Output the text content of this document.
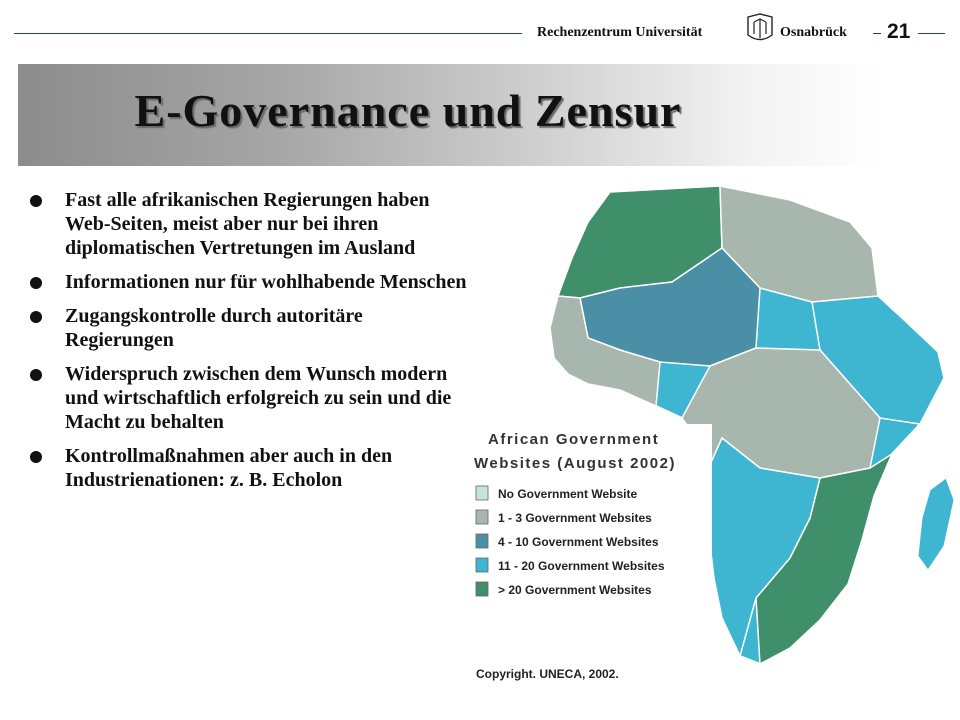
Rechenzentrum Universität	Osnabrück 21
E-Governance und Zensur
Fast alle afrikanischen Regierungen haben Web-Seiten, meist aber nur bei ihren diplomatischen Vertretungen im Ausland
Informationen nur für wohlhabende Menschen
Zugangskontrolle durch autoritäre Regierungen
Widerspruch zwischen dem Wunsch modern und wirtschaftlich erfolgreich zu sein und die Macht zu behalten
Kontrollmaßnahmen aber auch in den Industrienationen: z. B. Echolon
African Government
Websites (August 2002)
No Government Website
1 - 3 Government Websites
4 - 10 Government Websites
11 - 20 Government Websites
> 20 Government Websites
Copyright. UNECA, 2002.
